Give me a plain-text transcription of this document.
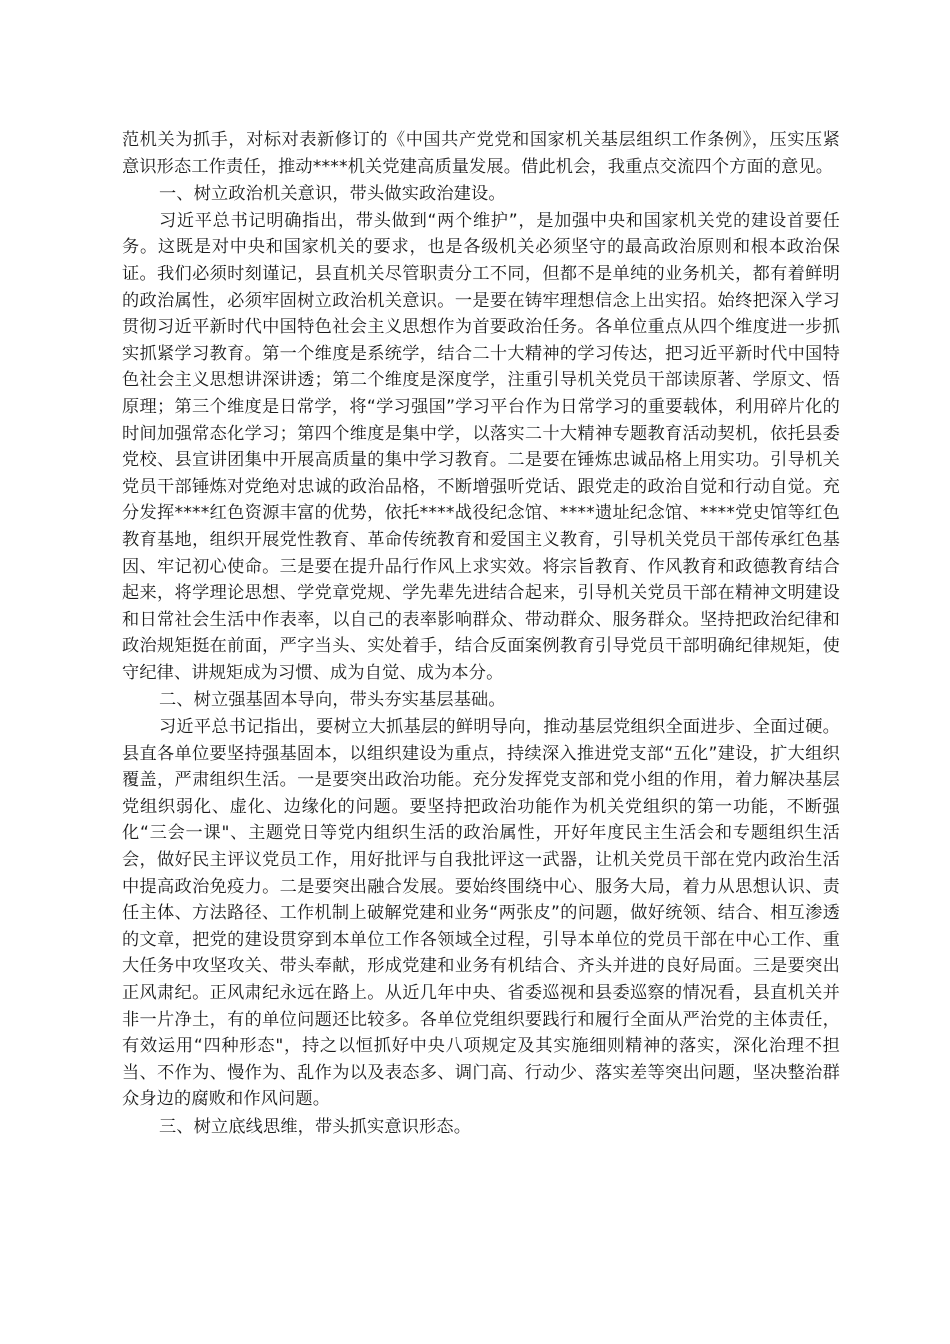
范机关为抓手，对标对表新修订的《中国共产党党和国家机关基层组织工作条例》，压实压紧意识形态工作责任，推动****机关党建高质量发展。借此机会，我重点交流四个方面的意见。

一、树立政治机关意识，带头做实政治建设。

习近平总书记明确指出，带头做到“两个维护”，是加强中央和国家机关党的建设首要任务。这既是对中央和国家机关的要求，也是各级机关必须坚守的最高政治原则和根本政治保证。我们必须时刻谨记，县直机关尽管职责分工不同，但都不是单纯的业务机关，都有着鲜明的政治属性，必须牢固树立政治机关意识。一是要在铸牢理想信念上出实招。始终把深入学习贯彻习近平新时代中国特色社会主义思想作为首要政治任务。各单位重点从四个维度进一步抓实抓紧学习教育。第一个维度是系统学，结合二十大精神的学习传达，把习近平新时代中国特色社会主义思想讲深讲透；第二个维度是深度学，注重引导机关党员干部读原著、学原文、悟原理；第三个维度是日常学，将“学习强国”学习平台作为日常学习的重要载体，利用碎片化的时间加强常态化学习；第四个维度是集中学，以落实二十大精神专题教育活动契机，依托县委党校、县宣讲团集中开展高质量的集中学习教育。二是要在锤炼忠诚品格上用实功。引导机关党员干部锤炼对党绝对忠诚的政治品格，不断增强听党话、跟党走的政治自觉和行动自觉。充分发挥****红色资源丰富的优势，依托****战役纪念馆、****遗址纪念馆、****党史馆等红色教育基地，组织开展党性教育、革命传统教育和爱国主义教育，引导机关党员干部传承红色基因、牢记初心使命。三是要在提升品行作风上求实效。将宗旨教育、作风教育和政德教育结合起来，将学理论思想、学党章党规、学先辈先进结合起来，引导机关党员干部在精神文明建设和日常社会生活中作表率，以自己的表率影响群众、带动群众、服务群众。坚持把政治纪律和政治规矩挺在前面，严字当头、实处着手，结合反面案例教育引导党员干部明确纪律规矩，使守纪律、讲规矩成为习惯、成为自觉、成为本分。

二、树立强基固本导向，带头夯实基层基础。

习近平总书记指出，要树立大抓基层的鲜明导向，推动基层党组织全面进步、全面过硬。县直各单位要坚持强基固本，以组织建设为重点，持续深入推进党支部“五化”建设，扩大组织覆盖，严肃组织生活。一是要突出政治功能。充分发挥党支部和党小组的作用，着力解决基层党组织弱化、虚化、边缘化的问题。要坚持把政治功能作为机关党组织的第一功能，不断强化“三会一课"、主题党日等党内组织生活的政治属性，开好年度民主生活会和专题组织生活会，做好民主评议党员工作，用好批评与自我批评这一武器，让机关党员干部在党内政治生活中提高政治免疫力。二是要突出融合发展。要始终围绕中心、服务大局，着力从思想认识、责任主体、方法路径、工作机制上破解党建和业务“两张皮”的问题，做好统领、结合、相互渗透的文章，把党的建设贯穿到本单位工作各领域全过程，引导本单位的党员干部在中心工作、重大任务中攻坚攻关、带头奉献，形成党建和业务有机结合、齐头并进的良好局面。三是要突出正风肃纪。正风肃纪永远在路上。从近几年中央、省委巡视和县委巡察的情况看，县直机关并非一片净土，有的单位问题还比较多。各单位党组织要践行和履行全面从严治党的主体责任，有效运用“四种形态"，持之以恒抓好中央八项规定及其实施细则精神的落实，深化治理不担当、不作为、慢作为、乱作为以及表态多、调门高、行动少、落实差等突出问题，坚决整治群众身边的腐败和作风问题。

三、树立底线思维，带头抓实意识形态。
